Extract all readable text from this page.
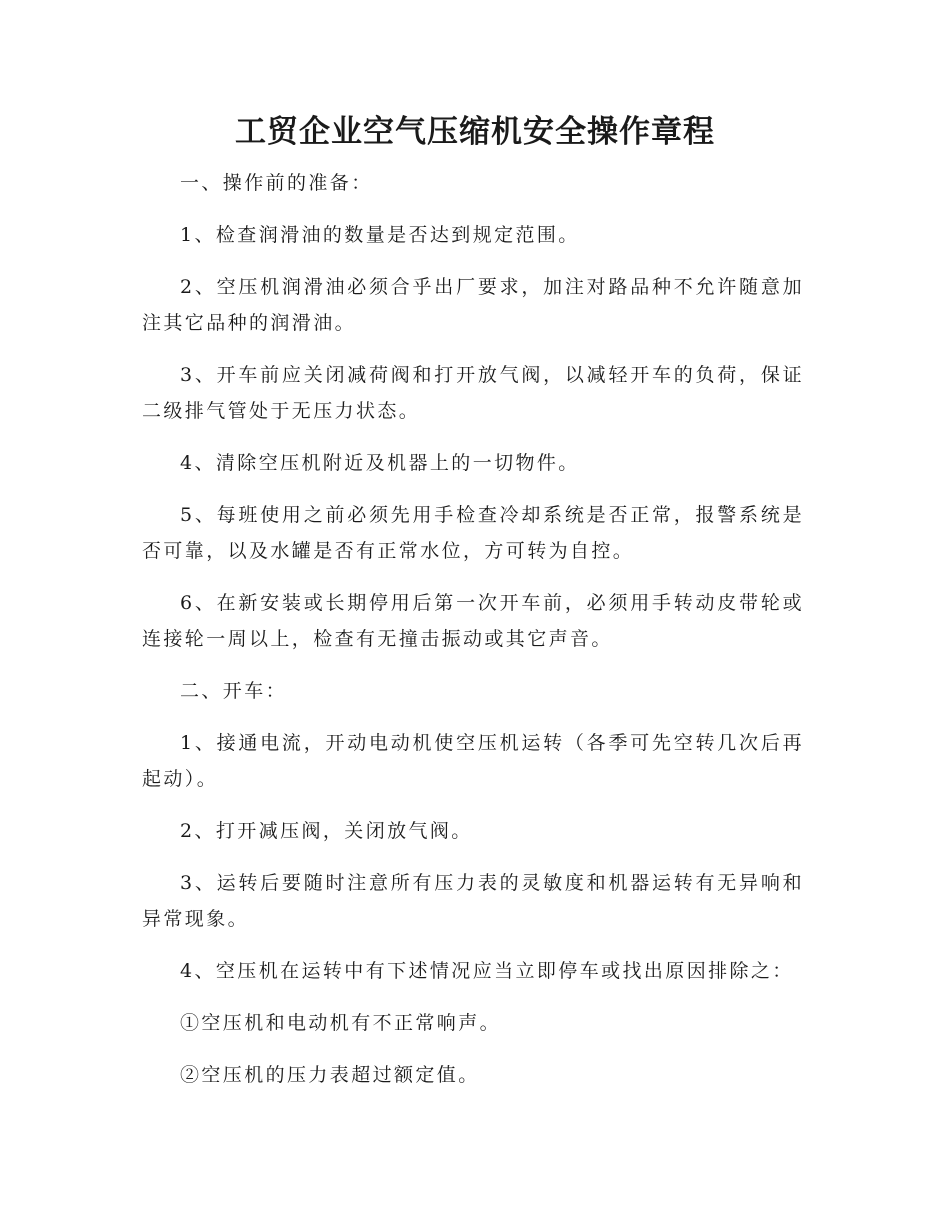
工贸企业空气压缩机安全操作章程

一、操作前的准备：

1、检查润滑油的数量是否达到规定范围。

2、空压机润滑油必须合乎出厂要求，加注对路品种不允许随意加注其它品种的润滑油。

3、开车前应关闭减荷阀和打开放气阀，以减轻开车的负荷，保证二级排气管处于无压力状态。

4、清除空压机附近及机器上的一切物件。

5、每班使用之前必须先用手检查冷却系统是否正常，报警系统是否可靠，以及水罐是否有正常水位，方可转为自控。

6、在新安装或长期停用后第一次开车前，必须用手转动皮带轮或连接轮一周以上，检查有无撞击振动或其它声音。

二、开车：

1、接通电流，开动电动机使空压机运转（各季可先空转几次后再起动）。

2、打开减压阀，关闭放气阀。

3、运转后要随时注意所有压力表的灵敏度和机器运转有无异响和异常现象。

4、空压机在运转中有下述情况应当立即停车或找出原因排除之：

①空压机和电动机有不正常响声。

②空压机的压力表超过额定值。
